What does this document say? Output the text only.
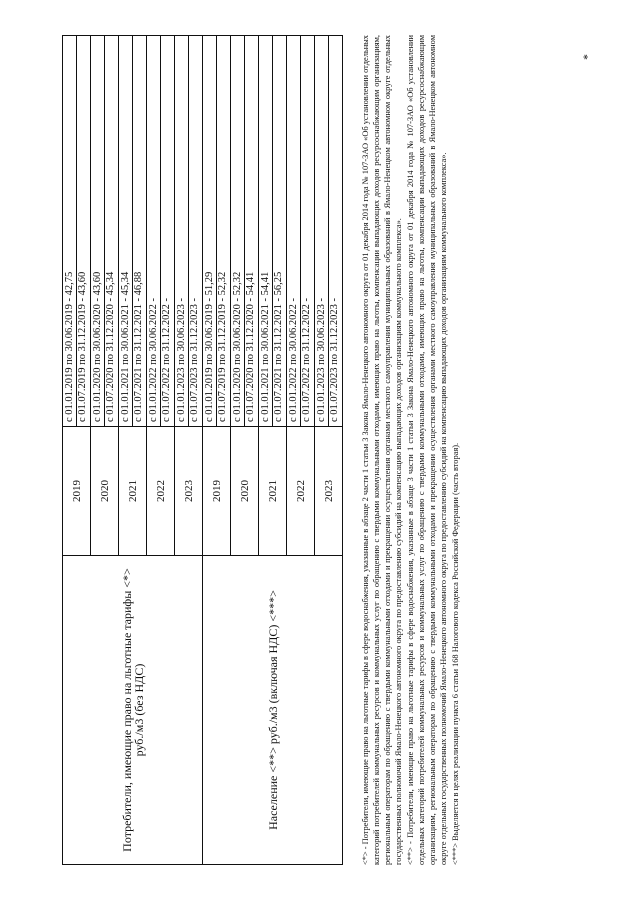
Потребители, имеющие право на льготные тарифы <*> руб./м3 (без НДС)	2019	с 01.01.2019 по 30.06.2019 - 42,75 с 01.07.2019 по 31.12.2019 - 43,60

	2020	с 01.01.2020 по 30.06.2020 - 43,60 с 01.07.2020 по 31.12.2020 - 45,34

	2021	с 01.01.2021 по 30.06.2021 - 45,34 с 01.07.2021 по 31.12.2021 - 46,88

	2022	с 01.01.2022 по 30.06.2022 - с 01.07.2022 по 31.12.2022 -

	2023	с 01.01.2023 по 30.06.2023 - с 01.07.2023 по 31.12.2023 -

Население <**> руб./м3 (включая НДС) <***>	2019	с 01.01.2019 по 30.06.2019 - 51,29 с 01.07.2019 по 31.12.2019 - 52,32

	2020	с 01.01.2020 по 30.06.2020 - 52,32 с 01.07.2020 по 31.12.2020 - 54,41

	2021	с 01.01.2021 по 30.06.2021 - 54,41 с 01.07.2021 по 31.12.2021 - 56,25

	2022	с 01.01.2022 по 30.06.2022 - с 01.07.2022 по 31.12.2022 -

	2023	с 01.01.2023 по 30.06.2023 - с 01.07.2023 по 31.12.2023 -	<*> - Потребители, имеющие право на льготные тарифы в сфере водоснабжения, указанные в абзаце 2 части 1 статьи 3 Закона Ямало-Ненецкого автономного округа от 01 декабря 2014 года № 107-ЗАО «Об установлении отдельных категорий потребителей коммунальных ресурсов и коммунальных услуг по обращению с твердыми коммунальными отходами, имеющих право на льготы, компенсации выпадающих доходов ресурсоснабжающим организациям, региональным операторам по обращению с твердыми коммунальными отходами и прекращении осуществления органами местного самоуправления муниципальных образований в Ямало-Ненецком автономном округе отдельных государственных полномочий Ямало-Ненецкого автономного округа по предоставлению субсидий на компенсацию выпадающих доходов организациям коммунального комплекса». <**> - Потребители, имеющие право на льготные тарифы в сфере водоснабжения, указанные в абзаце 3 части 1 статьи 3 Закона Ямало-Ненецкого автономного округа от 01 декабря 2014 года № 107-ЗАО «Об установлении отдельных категорий потребителей коммунальных ресурсов и коммунальных услуг по обращению с твердыми коммунальными отходами, имеющих право на льготы, компенсации выпадающих доходов ресурсоснабжающим организациям, региональным операторам по обращению с твердыми коммунальными отходами и прекращении осуществления органами местного самоуправления муниципальных образований в Ямало-Ненецком автономном округе отдельных государственных полномочий Ямало-Ненецкого автономного округа по предоставлению субсидий на компенсацию выпадающих доходов организациям коммунального комплекса». <***> Выделяется в целях реализации пункта 6 статьи 168 Налогового кодекса Российской Федерации (часть вторая).

*
